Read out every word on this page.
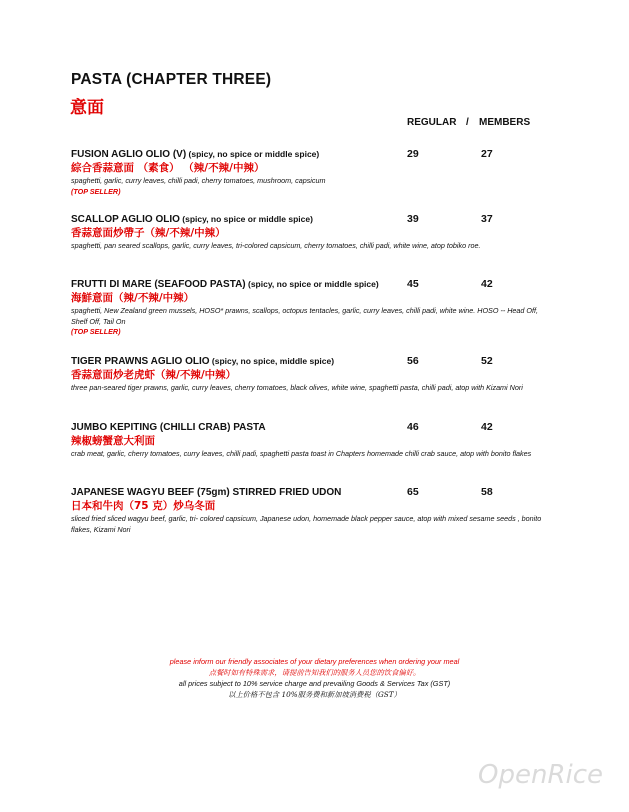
PASTA (CHAPTER THREE)
意面
REGULAR / MEMBERS
FUSION AGLIO OLIO (V) (spicy, no spice or middle spice)
綜合香蒜意面 （素食） （辣/不辣/中辣）
spaghetti, garlic, curry leaves, chilli padi, cherry tomatoes, mushroom, capsicum
(TOP SELLER)
29	27
SCALLOP AGLIO OLIO (spicy, no spice or middle spice)
香蒜意面炒帶子（辣/不辣/中辣）
spaghetti, pan seared scallops, garlic, curry leaves, tri-colored capsicum, cherry tomatoes, chilli padi, white wine, atop tobiko roe.
39	37
FRUTTI DI MARE (SEAFOOD PASTA) (spicy, no spice or middle spice)
海鮮意面（辣/不辣/中辣）
spaghetti, New Zealand green mussels, HOSO* prawns, scallops, octopus tentacles, garlic, curry leaves, chilli padi, white wine. HOSO -- Head Off, Shelf Off, Tail On
(TOP SELLER)
45	42
TIGER PRAWNS AGLIO OLIO (spicy, no spice, middle spice)
香蒜意面炒老虎虾（辣/不辣/中辣）
three pan-seared tiger prawns, garlic, curry leaves, cherry tomatoes, black olives, white wine, spaghetti pasta, chilli padi, atop with Kizami Nori
56	52
JUMBO KEPITING (CHILLI CRAB) PASTA
辣椒螃蟹意大利面
crab meat, garlic, cherry tomatoes, curry leaves, chilli padi, spaghetti pasta toast in Chapters homemade chilli crab sauce, atop with bonito flakes
46	42
JAPANESE WAGYU BEEF (75gm) STIRRED FRIED UDON
日本和牛肉（75 克）炒乌冬面
sliced fried sliced wagyu beef, garlic, tri- colored capsicum, Japanese udon, homemade black pepper sauce, atop with mixed sesame seeds , bonito flakes, Kizami Nori
65	58
please inform our friendly associates of your dietary preferences when ordering your meal
点餐时如有特殊需求，请提前告知我们的服务人员您的饮食偏好。
all prices subject to 10% service charge and prevailing Goods & Services Tax (GST)
以上价格不包含 10%服务费和新加坡消费税（GST）
OpenRice
